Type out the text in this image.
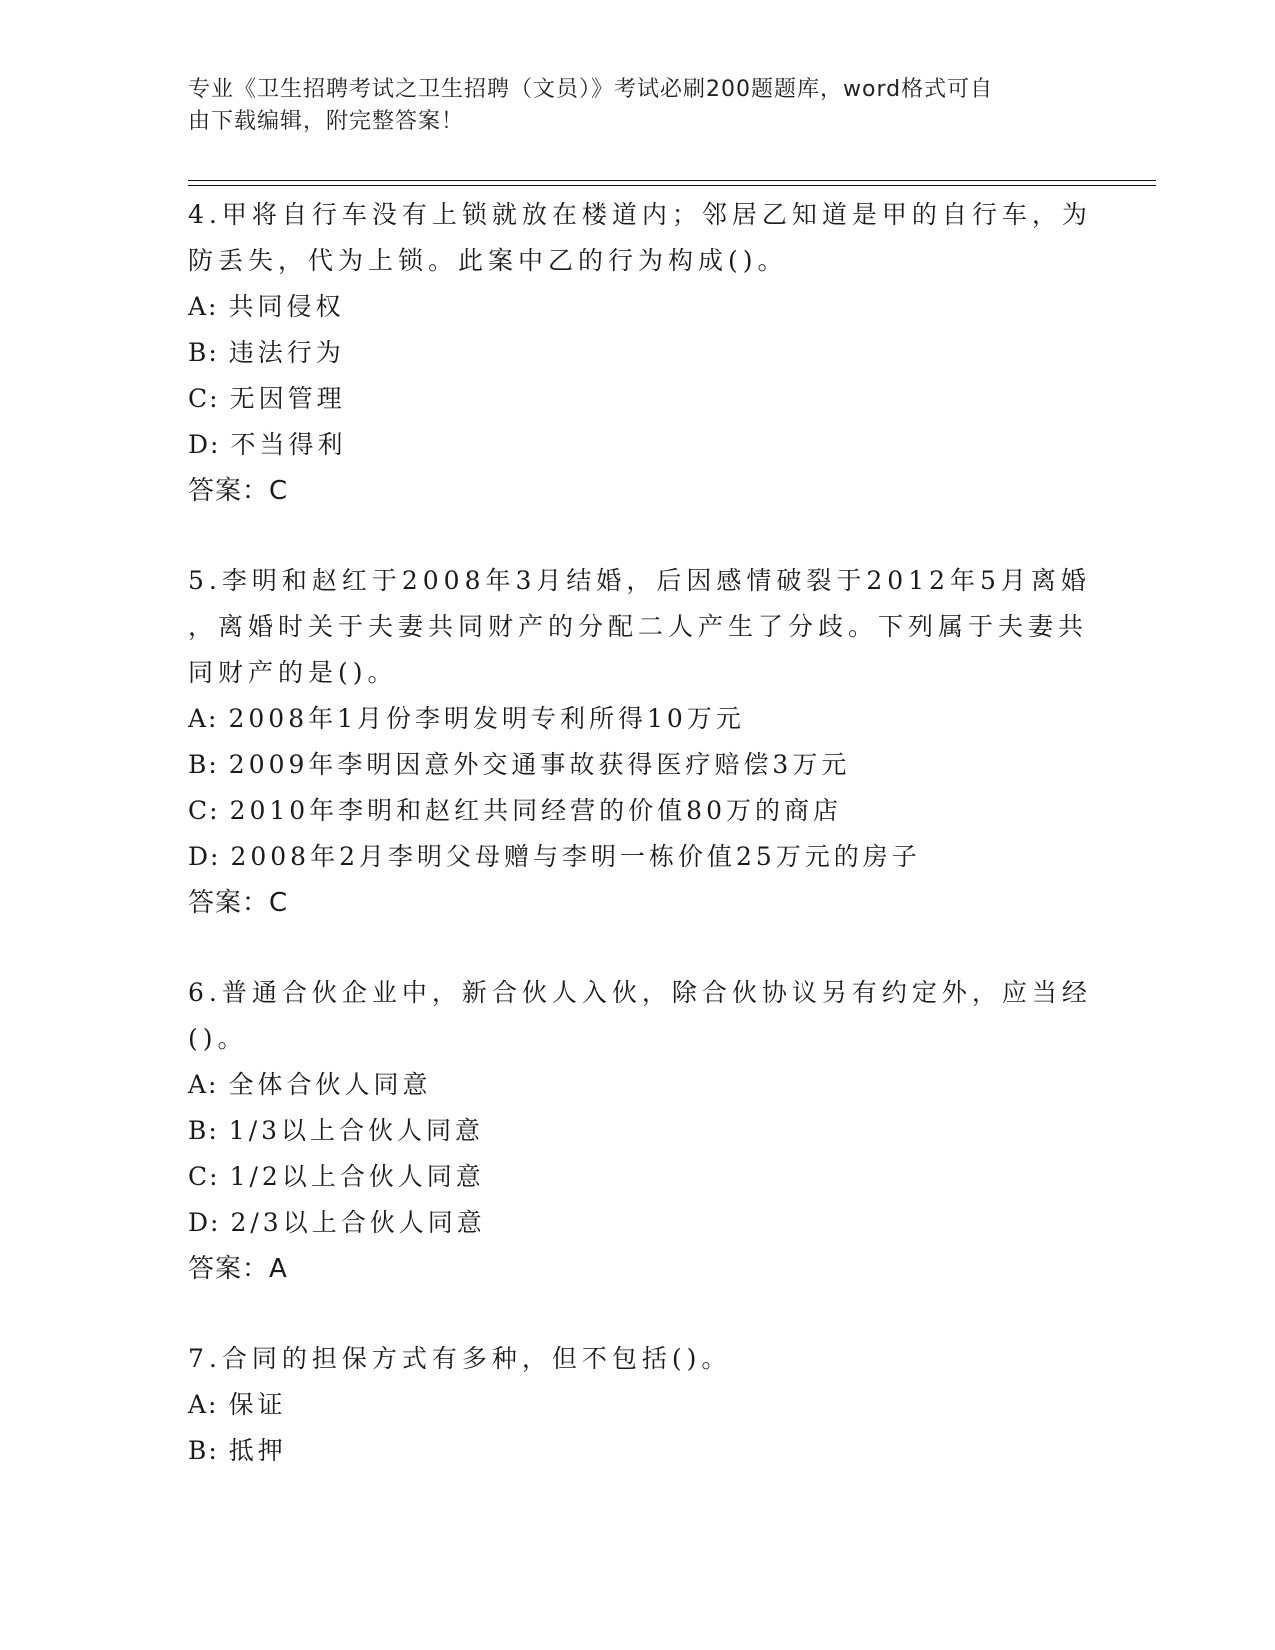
专业《卫生招聘考试之卫生招聘（文员）》考试必刷200题题库，word格式可自
由下载编辑，附完整答案！
4.甲将自行车没有上锁就放在楼道内；邻居乙知道是甲的自行车，为
防丢失，代为上锁。此案中乙的行为构成()。
A: 共同侵权
B: 违法行为
C: 无因管理
D: 不当得利
答案：C
5.李明和赵红于2008年3月结婚，后因感情破裂于2012年5月离婚
，离婚时关于夫妻共同财产的分配二人产生了分歧。下列属于夫妻共
同财产的是()。
A: 2008年1月份李明发明专利所得10万元
B: 2009年李明因意外交通事故获得医疗赔偿3万元
C: 2010年李明和赵红共同经营的价值80万的商店
D: 2008年2月李明父母赠与李明一栋价值25万元的房子
答案：C
6.普通合伙企业中，新合伙人入伙，除合伙协议另有约定外，应当经
()。
A: 全体合伙人同意
B: 1/3以上合伙人同意
C: 1/2以上合伙人同意
D: 2/3以上合伙人同意
答案：A
7.合同的担保方式有多种，但不包括()。
A: 保证
B: 抵押
